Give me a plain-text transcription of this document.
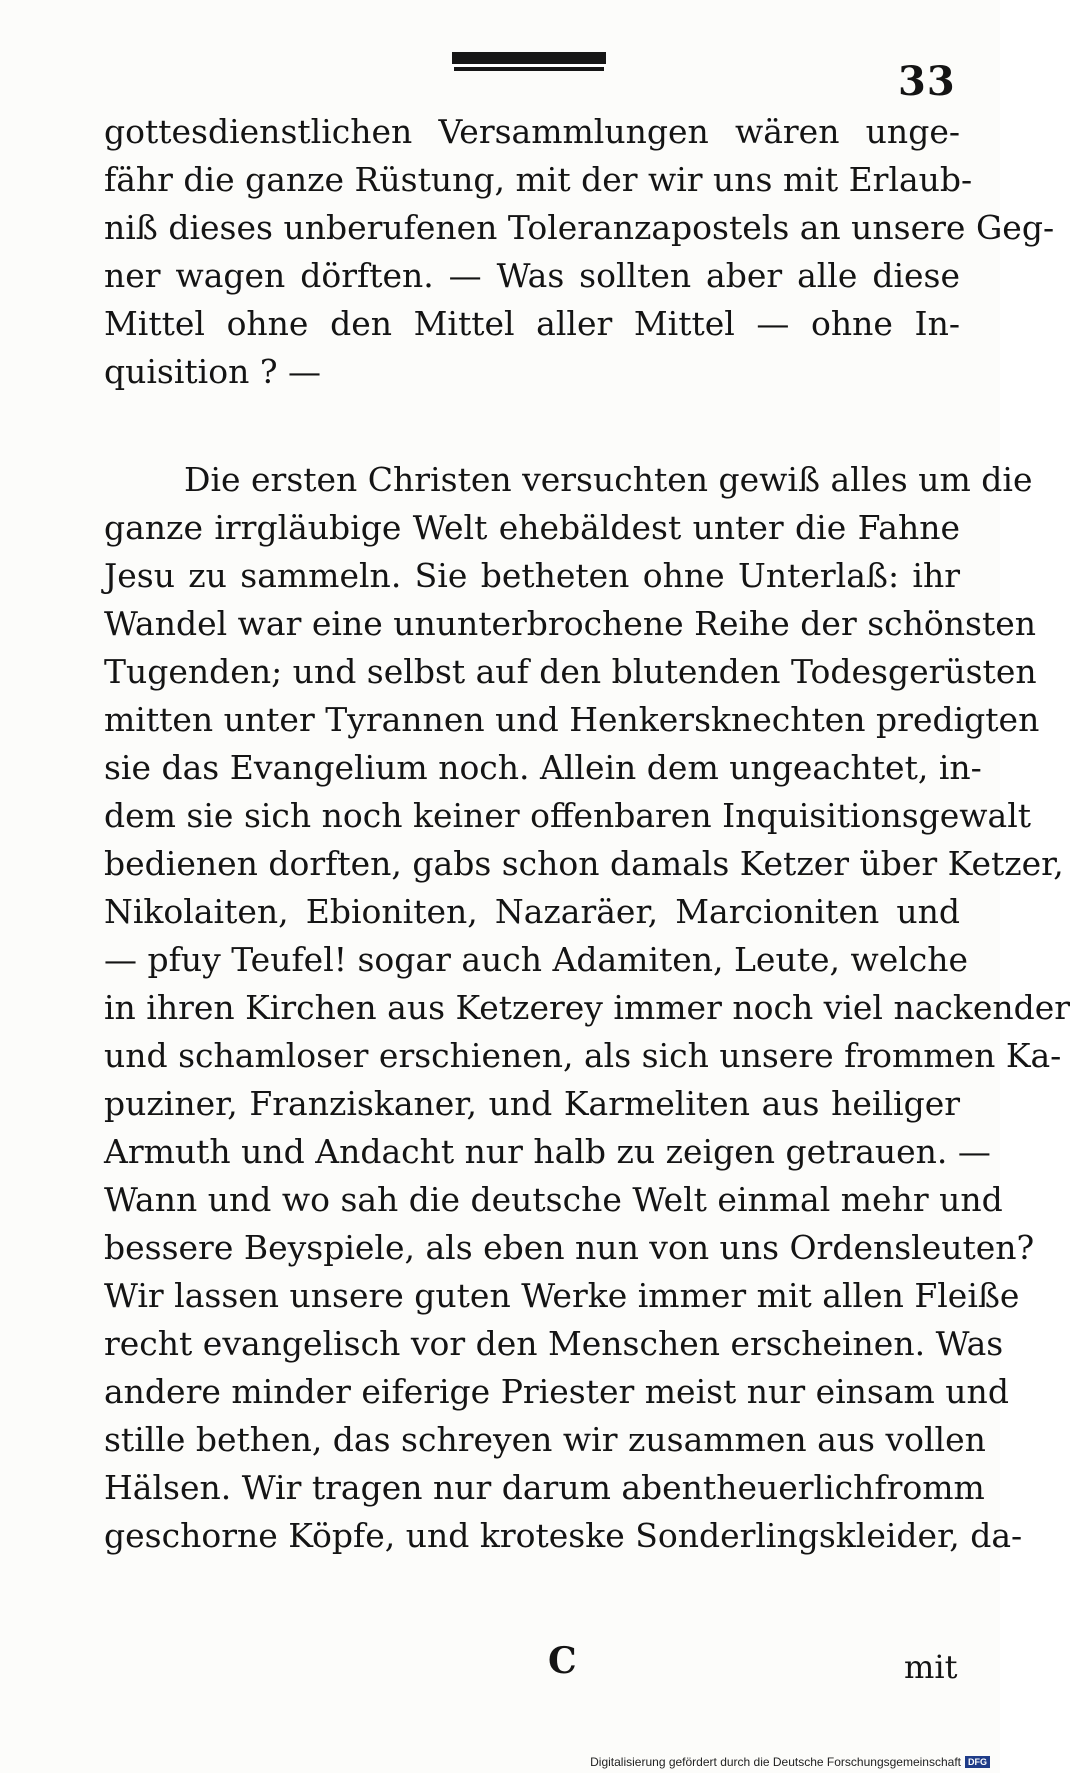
33
gottesdienstlichen Versammlungen wären unge-
fähr die ganze Rüstung, mit der wir uns mit Erlaub-
niß dieses unberufenen Toleranzapostels an unsere Geg-
ner wagen dörften. — Was sollten aber alle diese
Mittel ohne den Mittel aller Mittel — ohne In-
quisition ? —
Die ersten Christen versuchten gewiß alles um die
ganze irrgläubige Welt ehebäldest unter die Fahne
Jesu zu sammeln. Sie betheten ohne Unterlaß: ihr
Wandel war eine ununterbrochene Reihe der schönsten
Tugenden; und selbst auf den blutenden Todesgerüsten
mitten unter Tyrannen und Henkersknechten predigten
sie das Evangelium noch. Allein dem ungeachtet, in-
dem sie sich noch keiner offenbaren Inquisitionsgewalt
bedienen dorften, gabs schon damals Ketzer über Ketzer,
Nikolaiten, Ebioniten, Nazaräer, Marcioniten und
— pfuy Teufel! sogar auch Adamiten, Leute, welche
in ihren Kirchen aus Ketzerey immer noch viel nackender
und schamloser erschienen, als sich unsere frommen Ka-
puziner, Franziskaner, und Karmeliten aus heiliger
Armuth und Andacht nur halb zu zeigen getrauen. —
Wann und wo sah die deutsche Welt einmal mehr und
bessere Beyspiele, als eben nun von uns Ordensleuten?
Wir lassen unsere guten Werke immer mit allen Fleiße
recht evangelisch vor den Menschen erscheinen. Was
andere minder eiferige Priester meist nur einsam und
stille bethen, das schreyen wir zusammen aus vollen
Hälsen. Wir tragen nur darum abentheuerlichfromm
geschorne Köpfe, und kroteske Sonderlingskleider, da-
C	mit
Digitalisierung gefördert durch die Deutsche Forschungsgemeinschaft DFG
